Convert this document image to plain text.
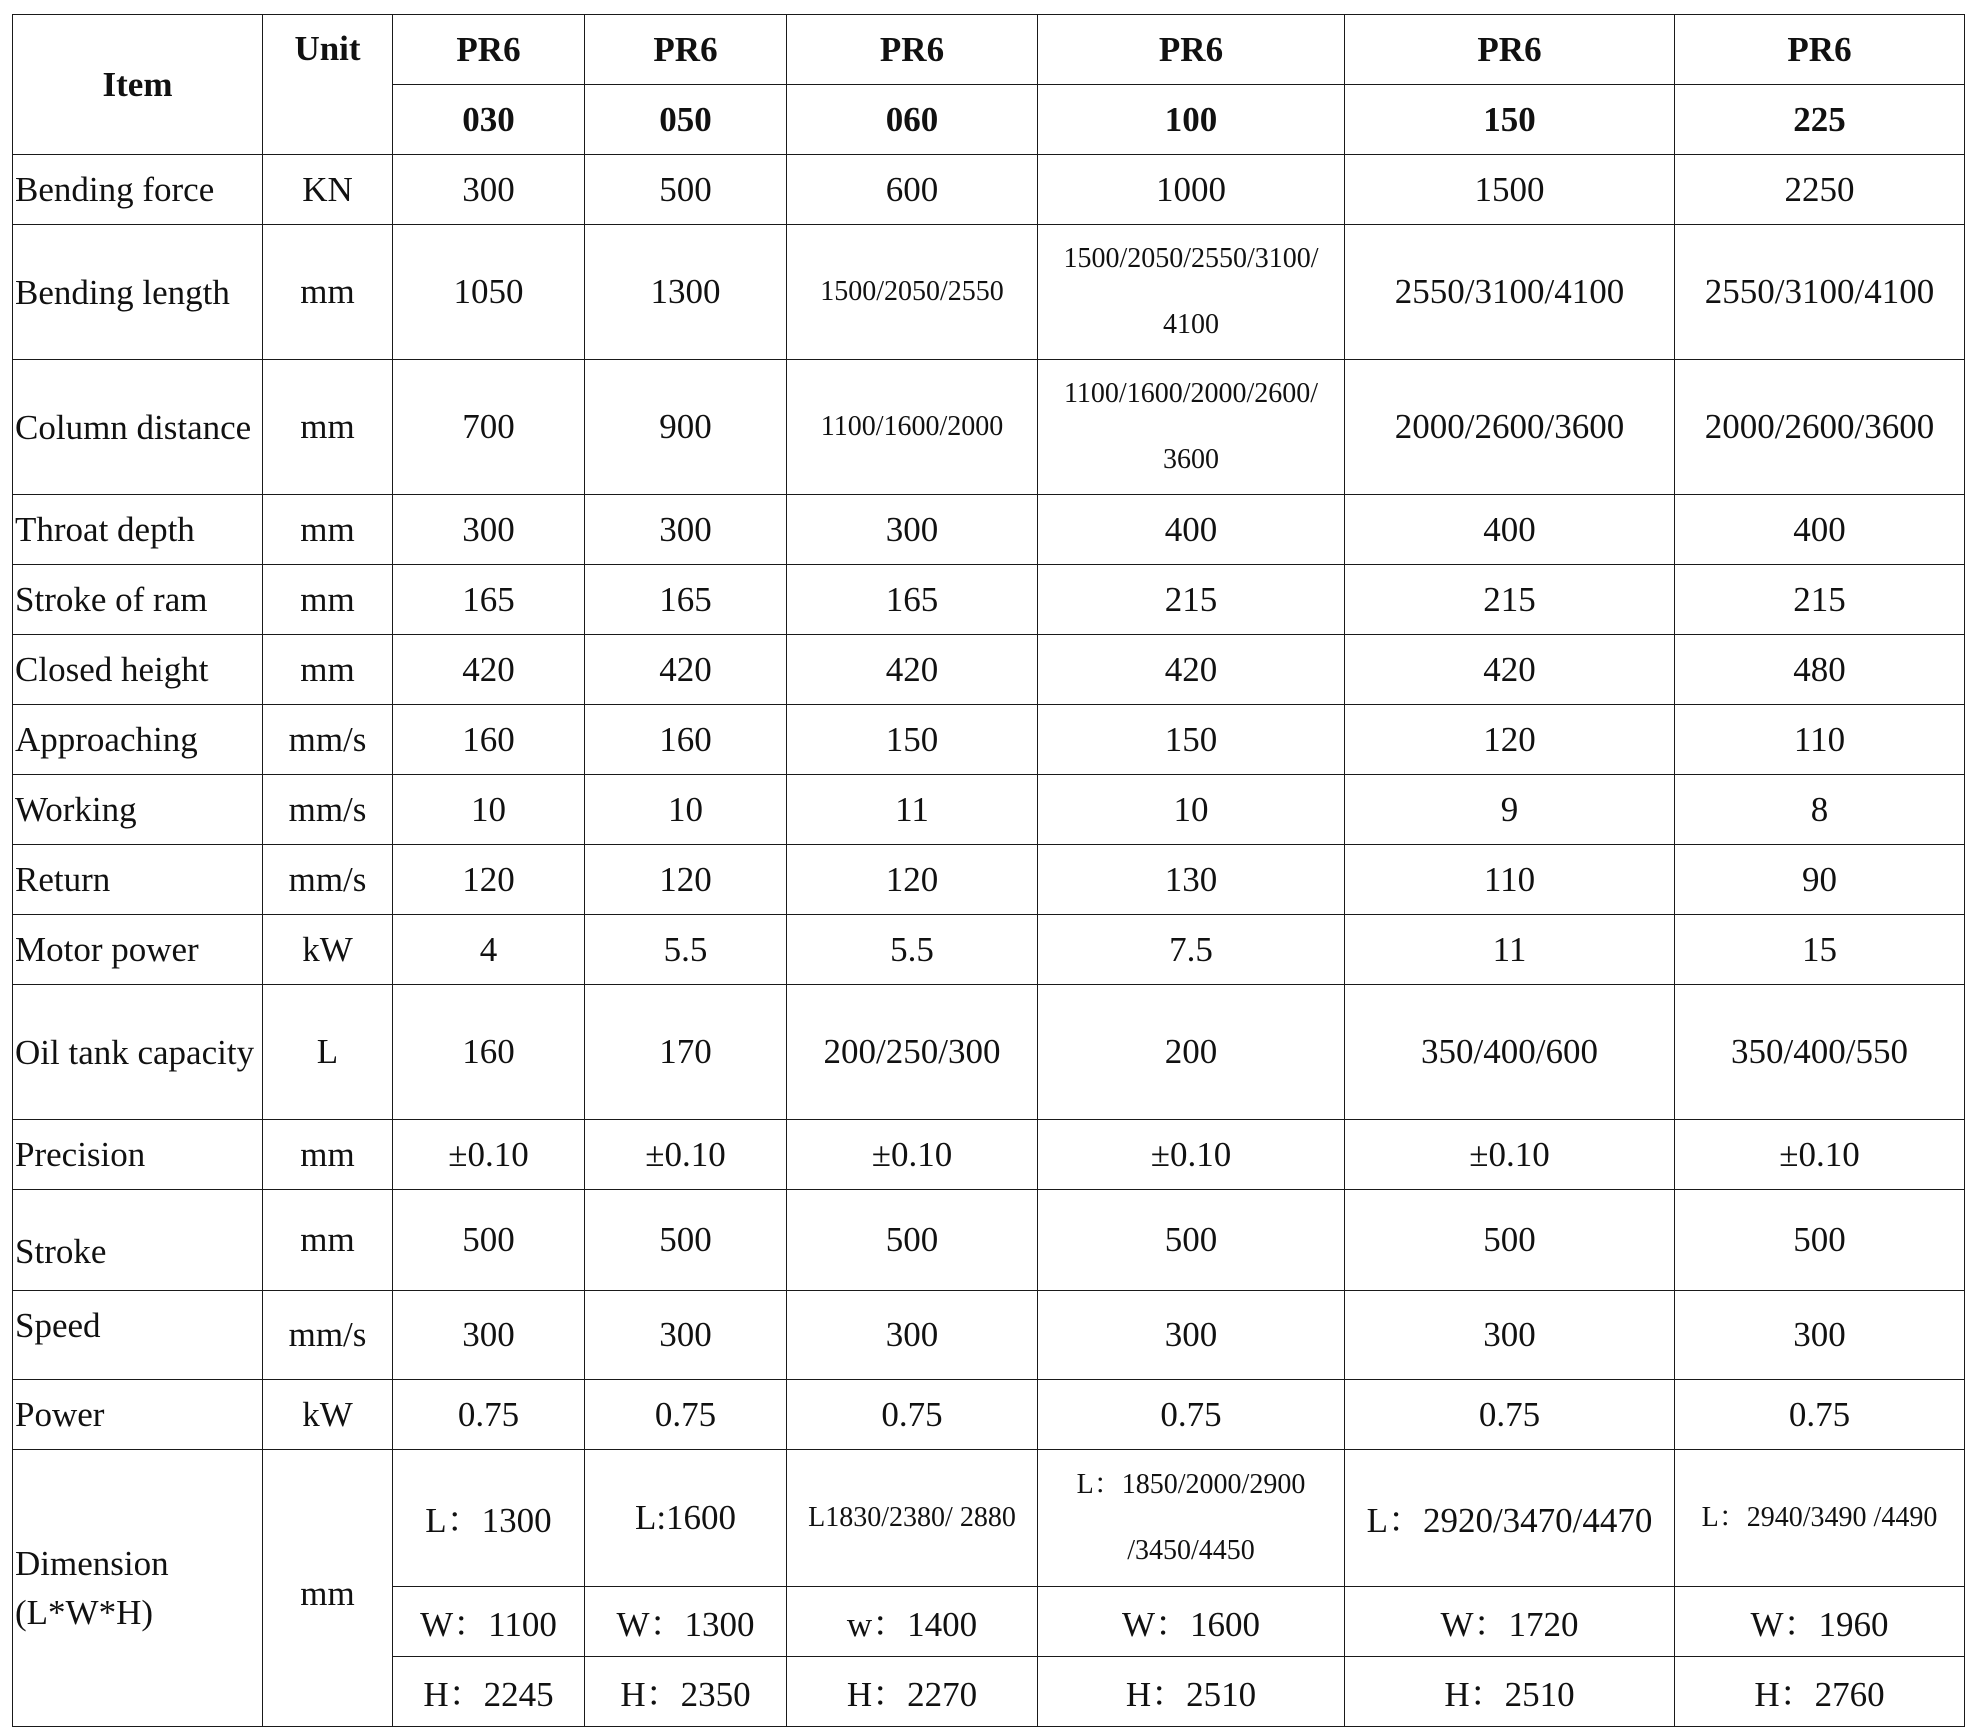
Item	Unit	PR6	PR6	PR6	PR6	PR6	PR6
		030	050	060	100	150	225
Bending force	KN	300	500	600	1000	1500	2250
Bending length	mm	1050	1300	1500/2050/2550	1500/2050/2550/3100/ 4100	2550/3100/4100	2550/3100/4100
Column distance	mm	700	900	1100/1600/2000	1100/1600/2000/2600/ 3600	2000/2600/3600	2000/2600/3600
Throat depth	mm	300	300	300	400	400	400
Stroke of ram	mm	165	165	165	215	215	215
Closed height	mm	420	420	420	420	420	480
Approaching	mm/s	160	160	150	150	120	110
Working	mm/s	10	10	11	10	9	8
Return	mm/s	120	120	120	130	110	90
Motor power	kW	4	5.5	5.5	7.5	11	15
Oil tank capacity	L	160	170	200/250/300	200	350/400/600	350/400/550
Precision	mm	±0.10	±0.10	±0.10	±0.10	±0.10	±0.10
Stroke	mm	500	500	500	500	500	500
Speed	mm/s	300	300	300	300	300	300
Power	kW	0.75	0.75	0.75	0.75	0.75	0.75
Dimension (L*W*H)	mm	L：1300	L:1600	L1830/2380/ 2880	L：1850/2000/2900 /3450/4450	L：2920/3470/4470	L：2940/3490 /4490
		W：1100	W：1300	w：1400	W：1600	W：1720	W：1960
		H：2245	H：2350	H：2270	H：2510	H：2510	H：2760
